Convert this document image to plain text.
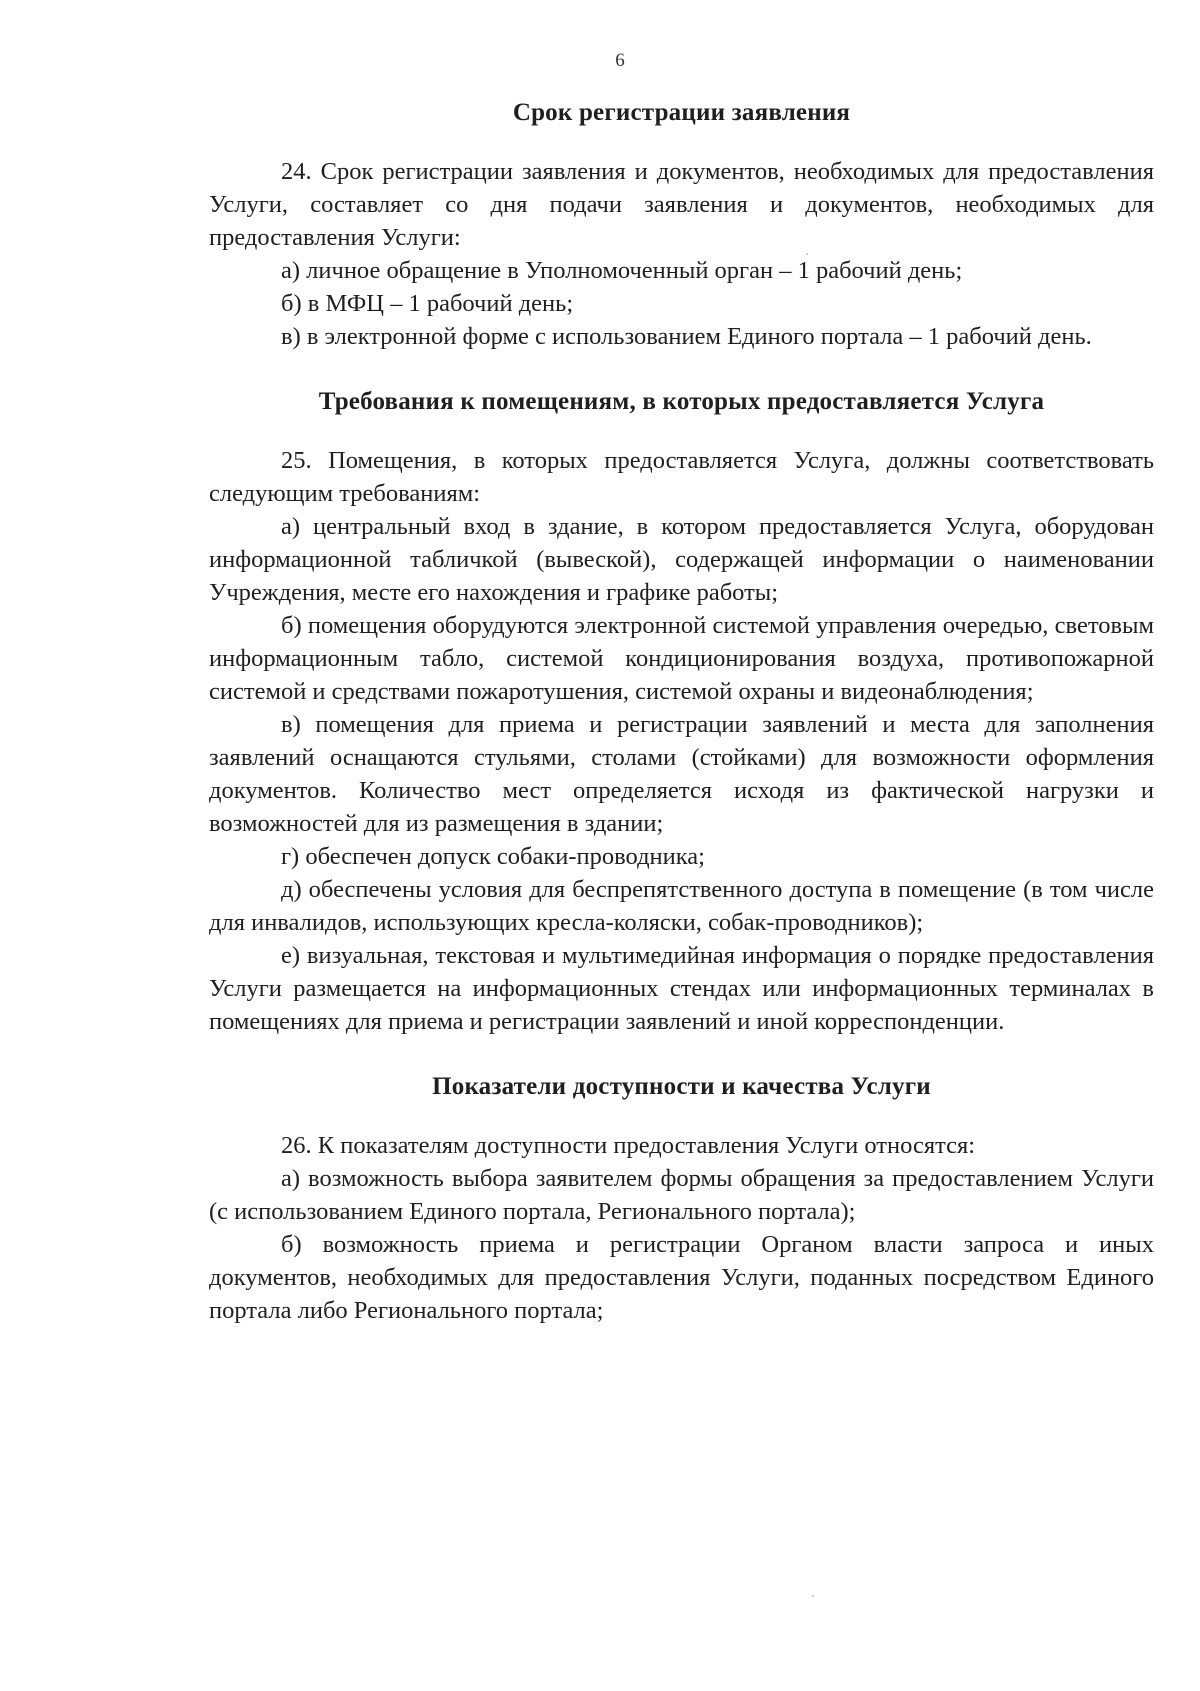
6
Срок регистрации заявления

24. Срок регистрации заявления и документов, необходимых для предоставления Услуги, составляет со дня подачи заявления и документов, необходимых для предоставления Услуги:

а) личное обращение в Уполномоченный орган – 1 рабочий день;

б) в МФЦ – 1 рабочий день;

в) в электронной форме с использованием Единого портала – 1 рабочий день.

Требования к помещениям, в которых предоставляется Услуга

25. Помещения, в которых предоставляется Услуга, должны соответствовать следующим требованиям:

а) центральный вход в здание, в котором предоставляется Услуга, оборудован информационной табличкой (вывеской), содержащей информации о наименовании Учреждения, месте его нахождения и графике работы;

б) помещения оборудуются электронной системой управления очередью, световым информационным табло, системой кондиционирования воздуха, противопожарной системой и средствами пожаротушения, системой охраны и видеонаблюдения;

в) помещения для приема и регистрации заявлений и места для заполнения заявлений оснащаются стульями, столами (стойками) для возможности оформления документов. Количество мест определяется исходя из фактической нагрузки и возможностей для из размещения в здании;

г) обеспечен допуск собаки-проводника;

д) обеспечены условия для беспрепятственного доступа в помещение (в том числе для инвалидов, использующих кресла-коляски, собак-проводников);

е) визуальная, текстовая и мультимедийная информация о порядке предоставления Услуги размещается на информационных стендах или информационных терминалах в помещениях для приема и регистрации заявлений и иной корреспонденции.

Показатели доступности и качества Услуги

26. К показателям доступности предоставления Услуги относятся:

а) возможность выбора заявителем формы обращения за предоставлением Услуги (с использованием Единого портала, Регионального портала);

б) возможность приема и регистрации Органом власти запроса и иных документов, необходимых для предоставления Услуги, поданных посредством Единого портала либо Регионального портала;
